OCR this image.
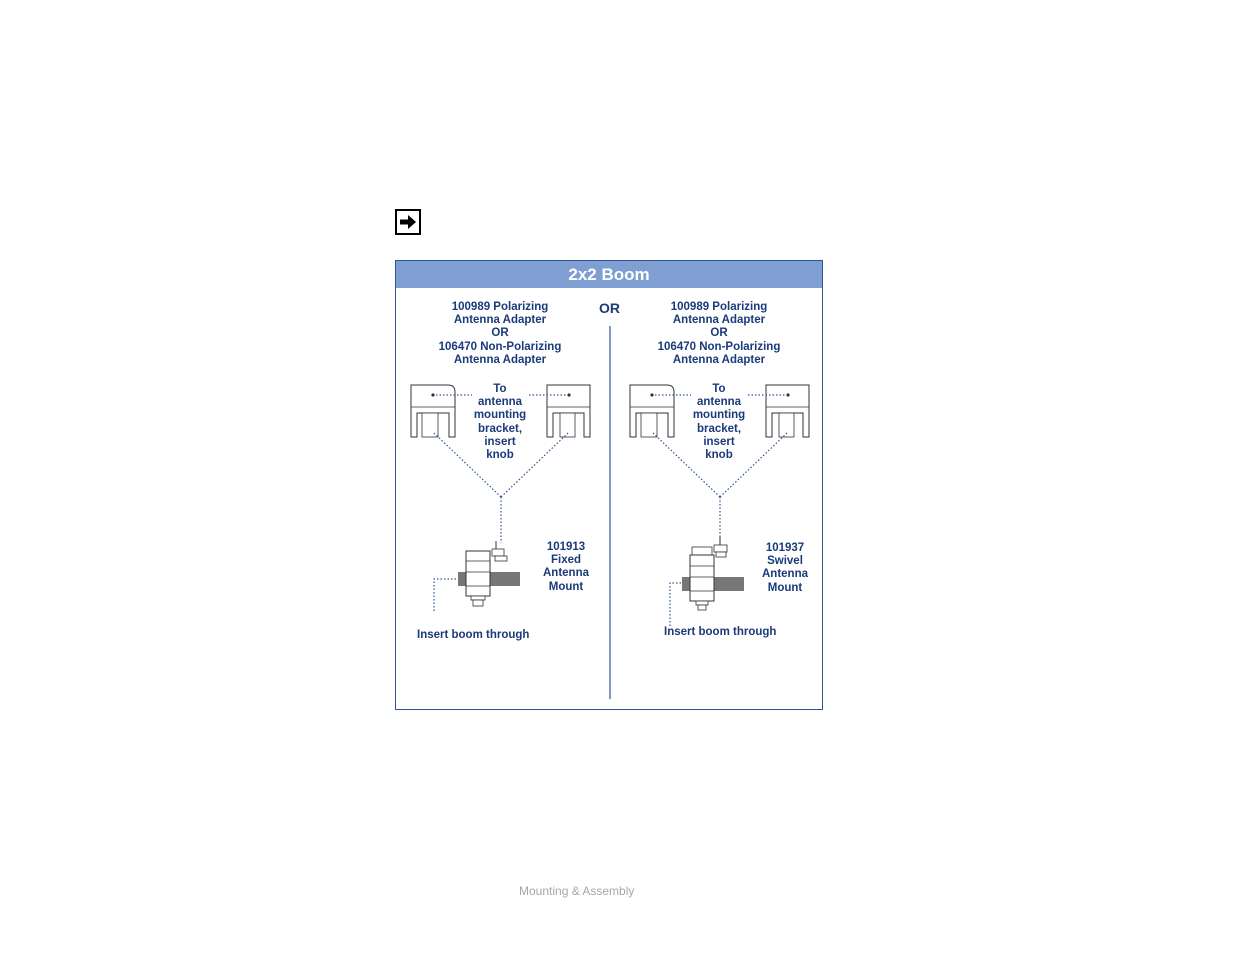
2x2 Boom
OR
100989 Polarizing
Antenna Adapter
OR
106470 Non-Polarizing
Antenna Adapter
To
antenna
mounting
bracket,
insert
knob
101913
Fixed
Antenna
Mount
Insert boom through
100989 Polarizing
Antenna Adapter
OR
106470 Non-Polarizing
Antenna Adapter
To
antenna
mounting
bracket,
insert
knob
101937
Swivel
Antenna
Mount
Insert boom through
Mounting & Assembly
